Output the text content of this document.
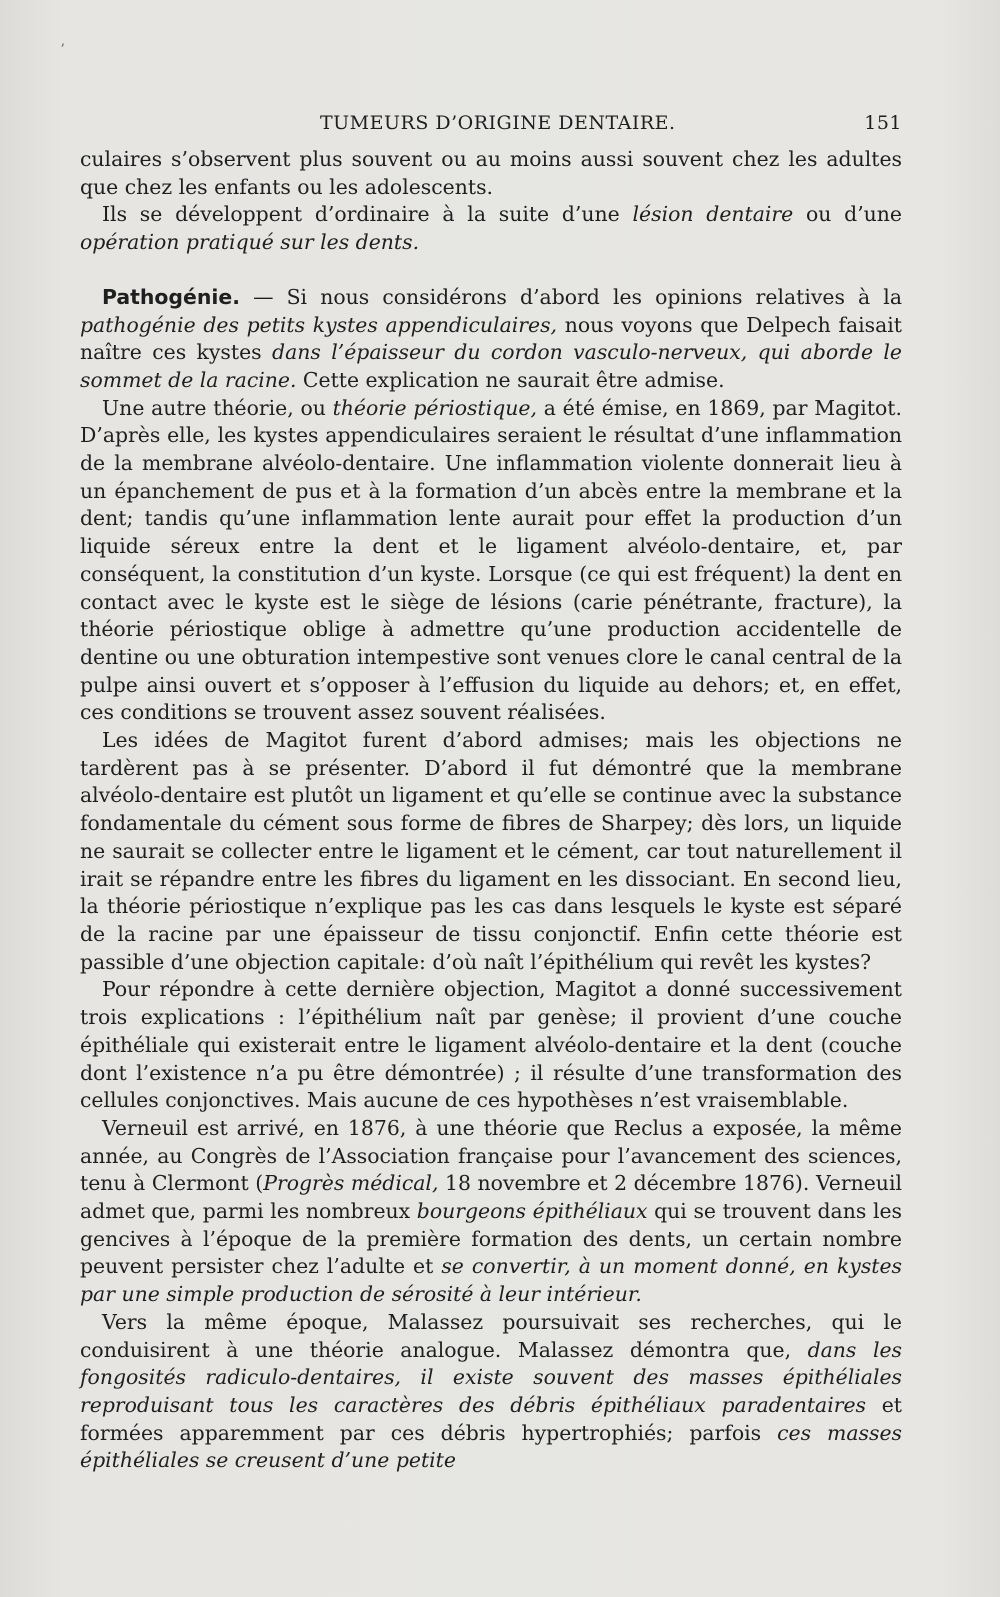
ʼ
TUMEURS D’ORIGINE DENTAIRE.	151

culaires s’observent plus souvent ou au moins aussi souvent chez les adultes que chez les enfants ou les adolescents.

Ils se développent d’ordinaire à la suite d’une lésion dentaire ou d’une opération pratiqué sur les dents.

Pathogénie. — Si nous considérons d’abord les opinions relatives à la pathogénie des petits kystes appendiculaires, nous voyons que Delpech faisait naître ces kystes dans l’épaisseur du cordon vasculo-nerveux, qui aborde le sommet de la racine. Cette explication ne saurait être admise.

Une autre théorie, ou théorie périostique, a été émise, en 1869, par Magitot. D’après elle, les kystes appendiculaires seraient le résultat d’une inflammation de la membrane alvéolo-dentaire. Une inflammation violente donnerait lieu à un épanchement de pus et à la formation d’un abcès entre la membrane et la dent; tandis qu’une inflammation lente aurait pour effet la production d’un liquide séreux entre la dent et le ligament alvéolo-dentaire, et, par conséquent, la constitution d’un kyste. Lorsque (ce qui est fréquent) la dent en contact avec le kyste est le siège de lésions (carie pénétrante, fracture), la théorie périostique oblige à admettre qu’une production accidentelle de dentine ou une obturation intempestive sont venues clore le canal central de la pulpe ainsi ouvert et s’opposer à l’effusion du liquide au dehors; et, en effet, ces conditions se trouvent assez souvent réalisées.

Les idées de Magitot furent d’abord admises; mais les objections ne tardèrent pas à se présenter. D’abord il fut démontré que la membrane alvéolo-dentaire est plutôt un ligament et qu’elle se continue avec la substance fondamentale du cément sous forme de fibres de Sharpey; dès lors, un liquide ne saurait se collecter entre le ligament et le cément, car tout naturellement il irait se répandre entre les fibres du ligament en les dissociant. En second lieu, la théorie périostique n’explique pas les cas dans lesquels le kyste est séparé de la racine par une épaisseur de tissu conjonctif. Enfin cette théorie est passible d’une objection capitale: d’où naît l’épithélium qui revêt les kystes?

Pour répondre à cette dernière objection, Magitot a donné successivement trois explications : l’épithélium naît par genèse; il provient d’une couche épithéliale qui existerait entre le ligament alvéolo-dentaire et la dent (couche dont l’existence n’a pu être démontrée) ; il résulte d’une transformation des cellules conjonctives. Mais aucune de ces hypothèses n’est vraisemblable.

Verneuil est arrivé, en 1876, à une théorie que Reclus a exposée, la même année, au Congrès de l’Association française pour l’avancement des sciences, tenu à Clermont (Progrès médical, 18 novembre et 2 décembre 1876). Verneuil admet que, parmi les nombreux bourgeons épithéliaux qui se trouvent dans les gencives à l’époque de la première formation des dents, un certain nombre peuvent persister chez l’adulte et se convertir, à un moment donné, en kystes par une simple production de sérosité à leur intérieur.

Vers la même époque, Malassez poursuivait ses recherches, qui le conduisirent à une théorie analogue. Malassez démontra que, dans les fongosités radiculo-dentaires, il existe souvent des masses épithéliales reproduisant tous les caractères des débris épithéliaux paradentaires et formées apparemment par ces débris hypertrophiés; parfois ces masses épithéliales se creusent d’une petite
